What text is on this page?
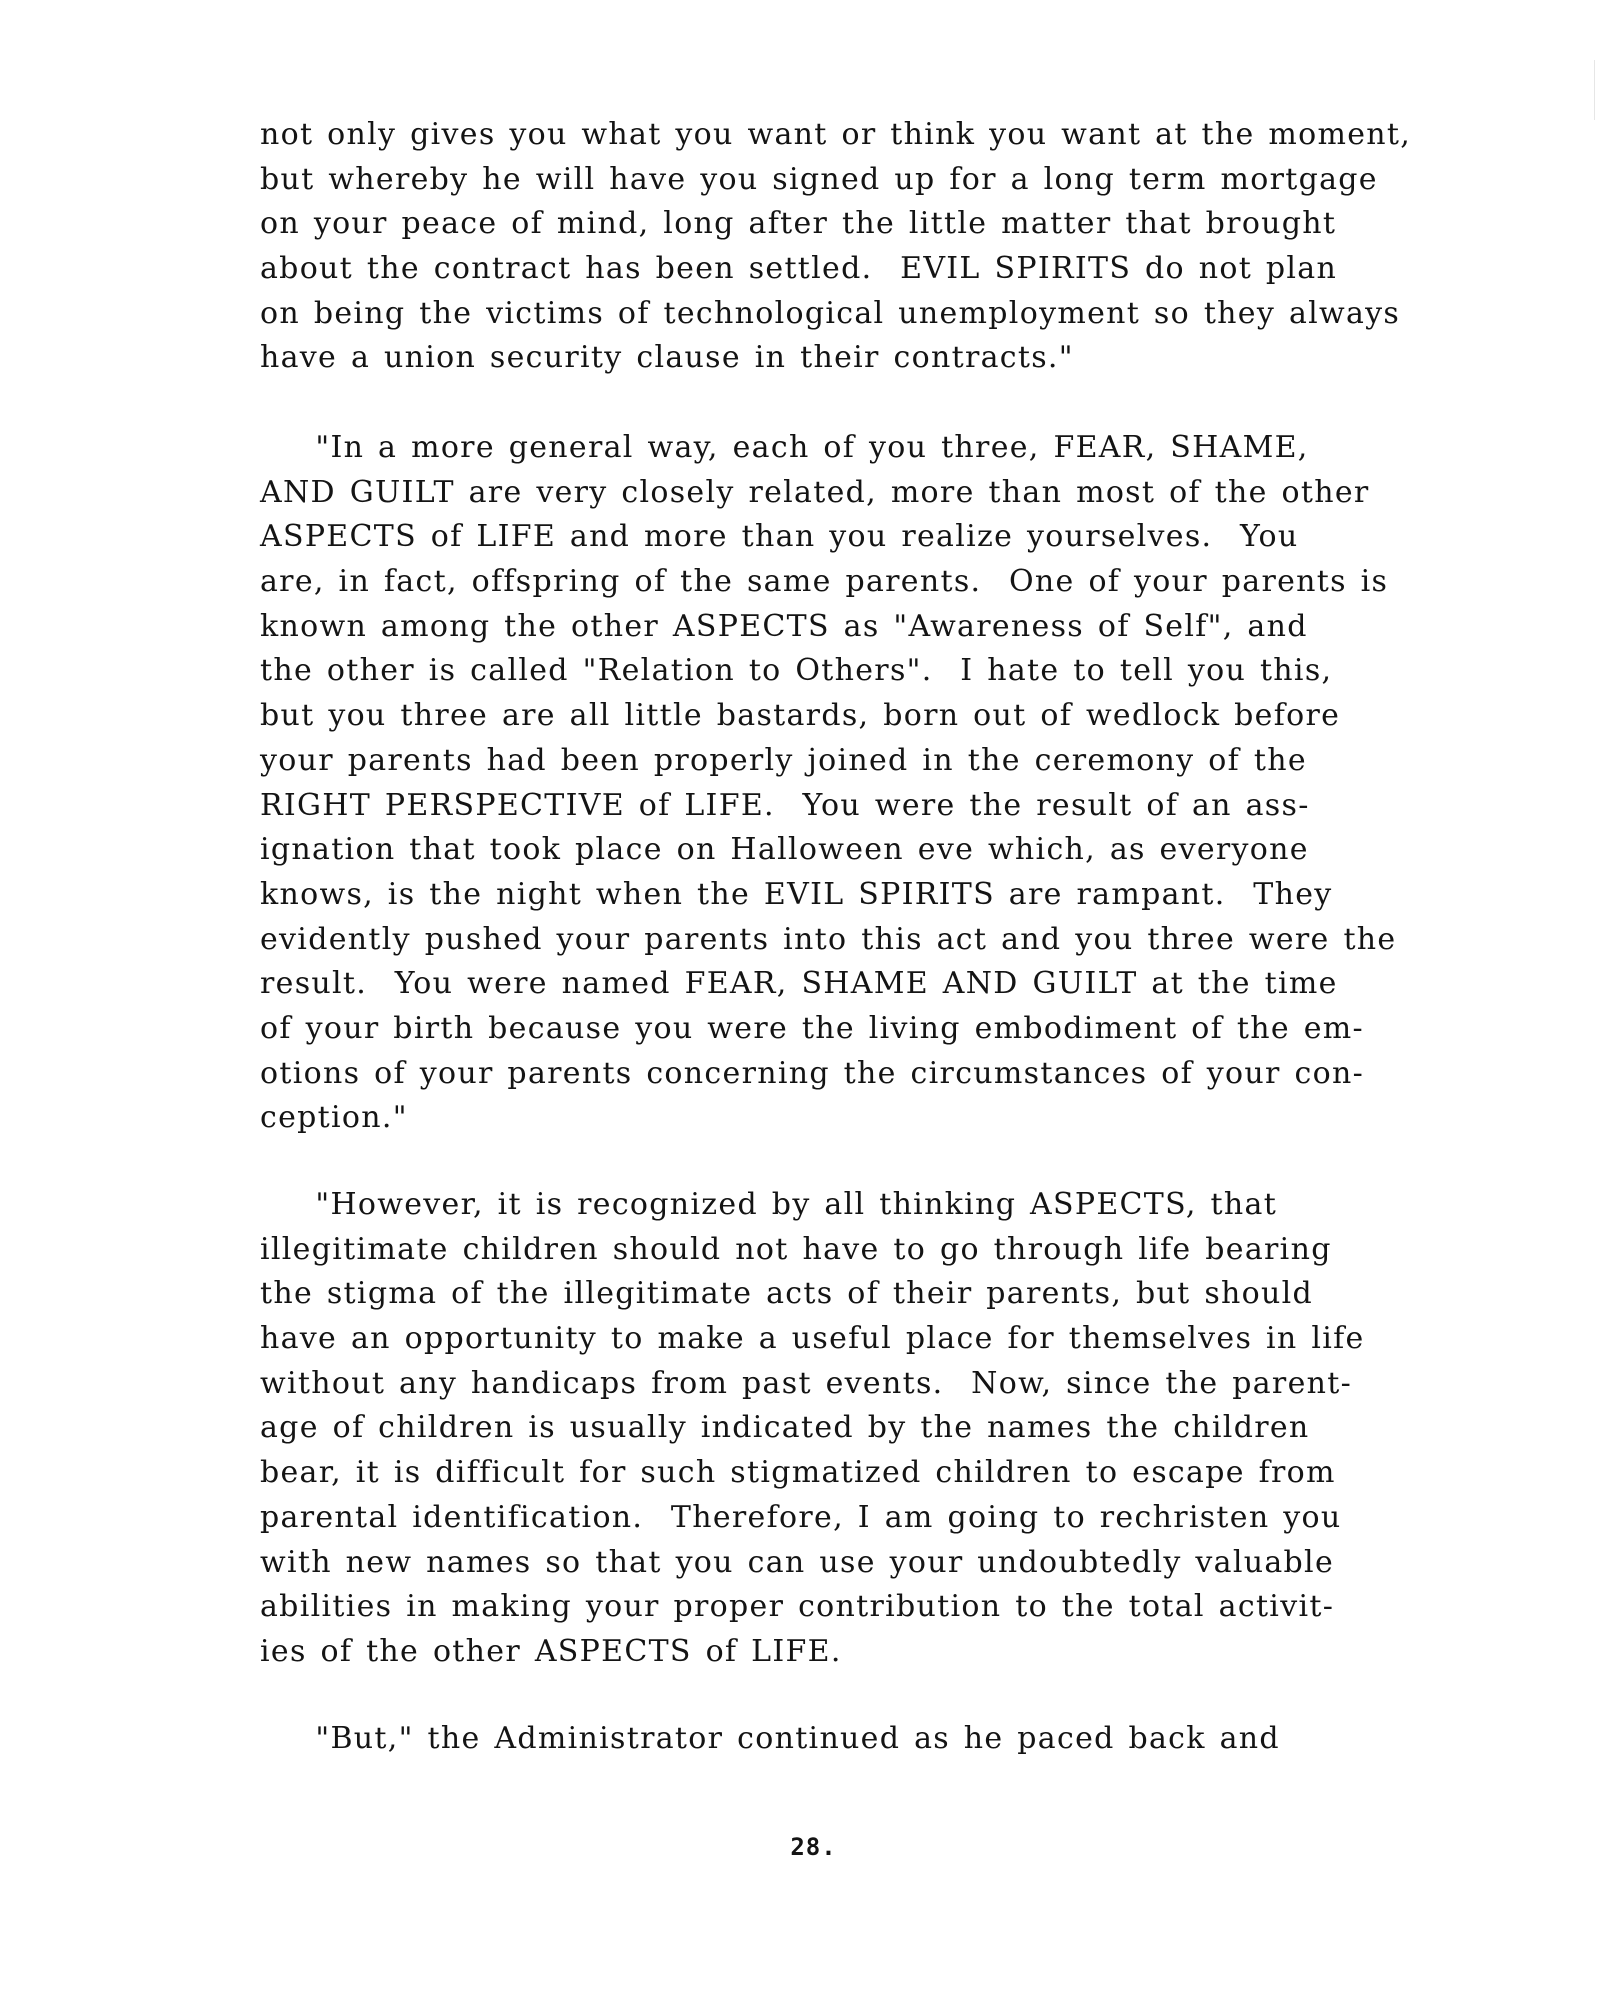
not only gives you what you want or think you want at the moment,
but whereby he will have you signed up for a long term mortgage
on your peace of mind, long after the little matter that brought
about the contract has been settled.  EVIL SPIRITS do not plan
on being the victims of technological unemployment so they always
have a union security clause in their contracts."
"In a more general way, each of you three, FEAR, SHAME,
AND GUILT are very closely related, more than most of the other
ASPECTS of LIFE and more than you realize yourselves.  You
are, in fact, offspring of the same parents.  One of your parents is
known among the other ASPECTS as "Awareness of Self", and
the other is called "Relation to Others".  I hate to tell you this,
but you three are all little bastards, born out of wedlock before
your parents had been properly joined in the ceremony of the
RIGHT PERSPECTIVE of LIFE.  You were the result of an ass-
ignation that took place on Halloween eve which, as everyone
knows, is the night when the EVIL SPIRITS are rampant.  They
evidently pushed your parents into this act and you three were the
result.  You were named FEAR, SHAME AND GUILT at the time
of your birth because you were the living embodiment of the em-
otions of your parents concerning the circumstances of your con-
ception."
"However, it is recognized by all thinking ASPECTS, that
illegitimate children should not have to go through life bearing
the stigma of the illegitimate acts of their parents, but should
have an opportunity to make a useful place for themselves in life
without any handicaps from past events.  Now, since the parent-
age of children is usually indicated by the names the children
bear, it is difficult for such stigmatized children to escape from
parental identification.  Therefore, I am going to rechristen you
with new names so that you can use your undoubtedly valuable
abilities in making your proper contribution to the total activit-
ies of the other ASPECTS of LIFE.
"But," the Administrator continued as he paced back and
28.
